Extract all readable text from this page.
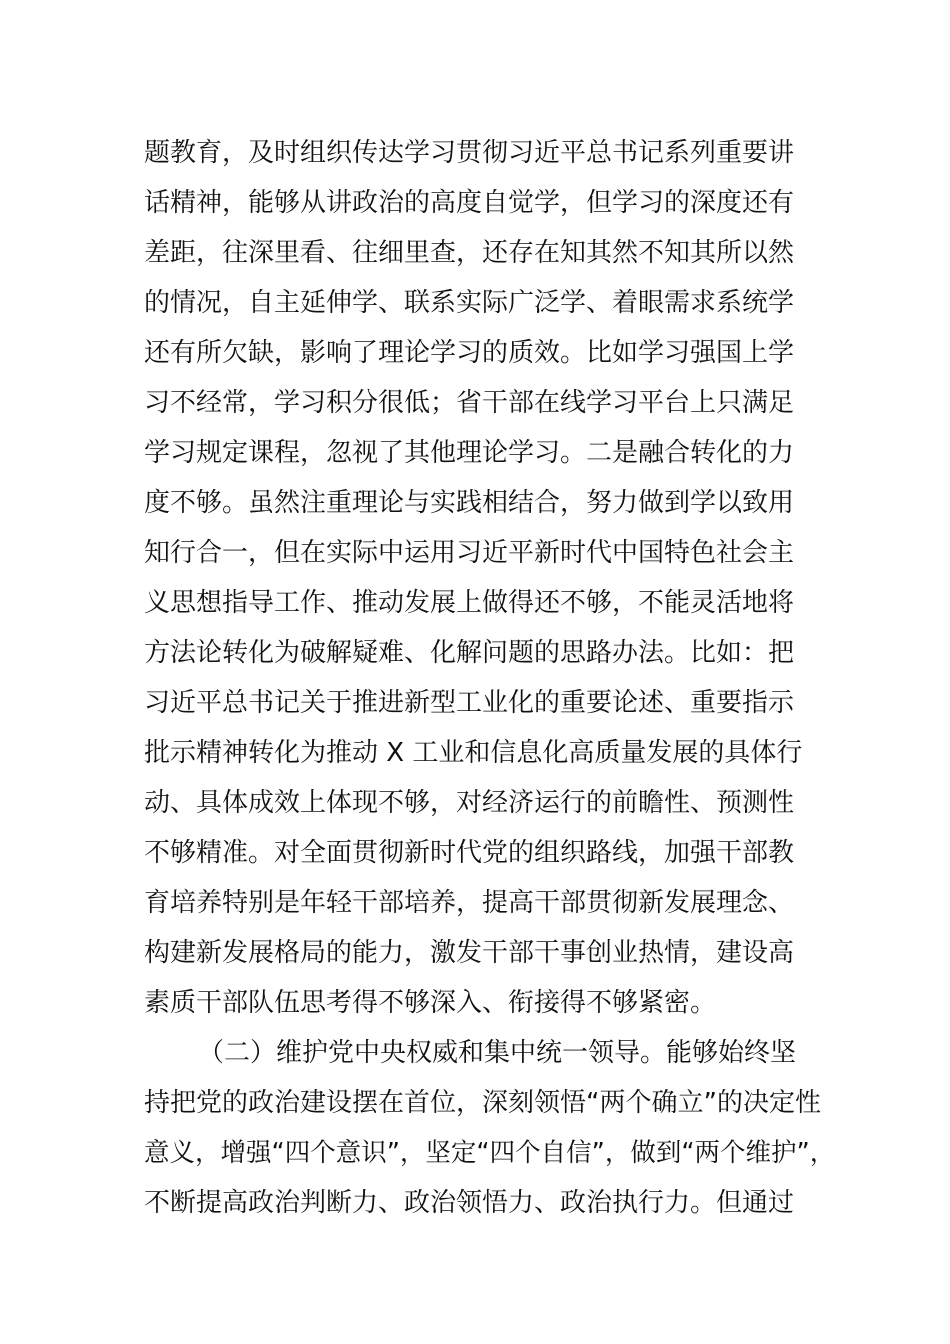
题教育，及时组织传达学习贯彻习近平总书记系列重要讲
话精神，能够从讲政治的高度自觉学，但学习的深度还有
差距，往深里看、往细里查，还存在知其然不知其所以然
的情况，自主延伸学、联系实际广泛学、着眼需求系统学
还有所欠缺，影响了理论学习的质效。比如学习强国上学
习不经常，学习积分很低；省干部在线学习平台上只满足
学习规定课程，忽视了其他理论学习。二是融合转化的力
度不够。虽然注重理论与实践相结合，努力做到学以致用
知行合一，但在实际中运用习近平新时代中国特色社会主
义思想指导工作、推动发展上做得还不够，不能灵活地将
方法论转化为破解疑难、化解问题的思路办法。比如：把
习近平总书记关于推进新型工业化的重要论述、重要指示
批示精神转化为推动 X 工业和信息化高质量发展的具体行
动、具体成效上体现不够，对经济运行的前瞻性、预测性
不够精准。对全面贯彻新时代党的组织路线，加强干部教
育培养特别是年轻干部培养，提高干部贯彻新发展理念、
构建新发展格局的能力，激发干部干事创业热情，建设高
素质干部队伍思考得不够深入、衔接得不够紧密。
（二）维护党中央权威和集中统一领导。能够始终坚
持把党的政治建设摆在首位，深刻领悟“两个确立”的决定性
意义，增强“四个意识”，坚定“四个自信”，做到“两个维护”，
不断提高政治判断力、政治领悟力、政治执行力。但通过
